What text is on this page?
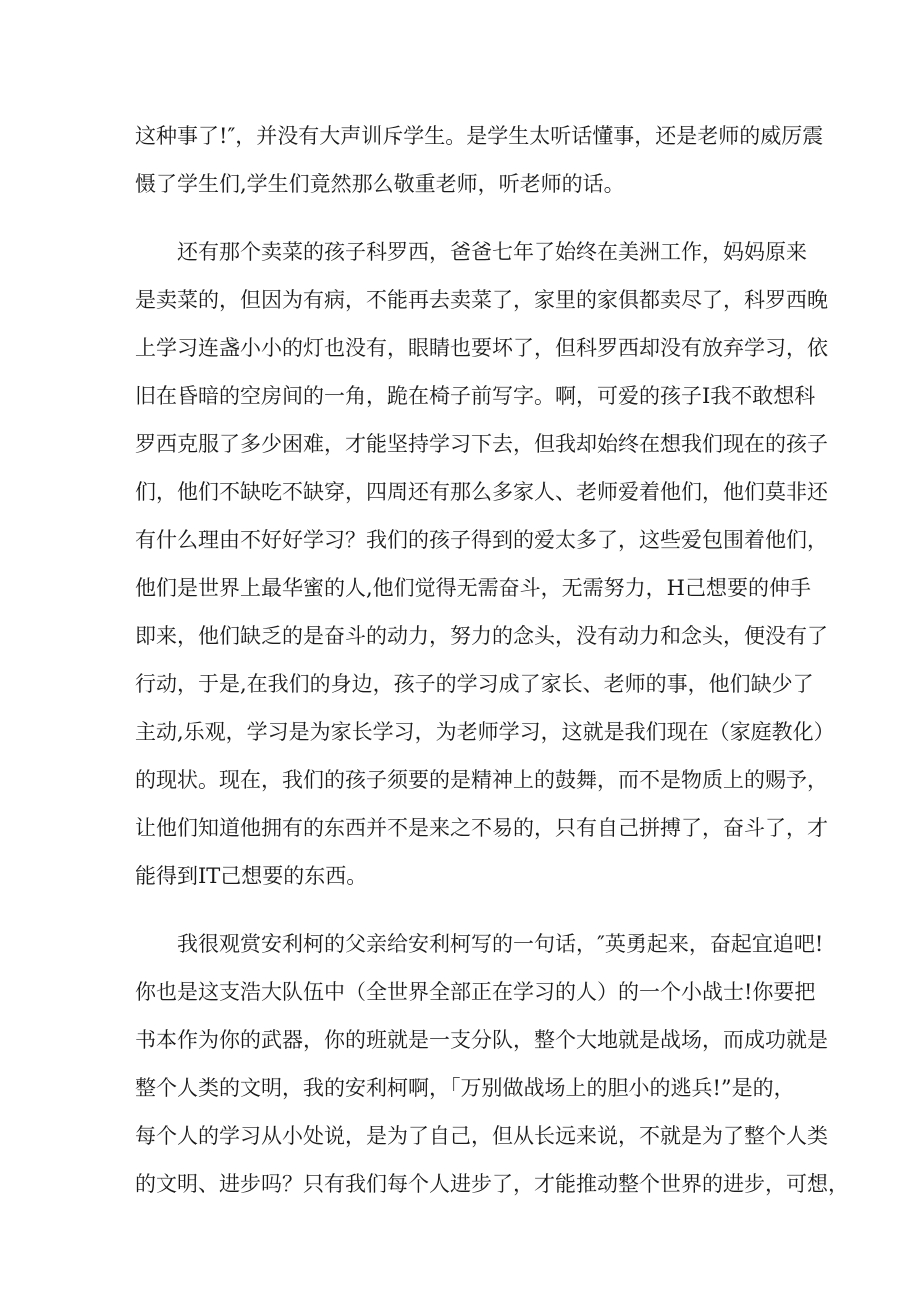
这种事了!″，并没有大声训斥学生。是学生太听话懂事，还是老师的威厉震
慑了学生们,学生们竟然那么敬重老师，听老师的话。
还有那个卖菜的孩子科罗西，爸爸七年了始终在美洲工作，妈妈原来
是卖菜的，但因为有病，不能再去卖菜了，家里的家俱都卖尽了，科罗西晚
上学习连盏小小的灯也没有，眼睛也要坏了，但科罗西却没有放弃学习，依
旧在昏暗的空房间的一角，跪在椅子前写字。啊，可爱的孩子I我不敢想科
罗西克服了多少困难，才能坚持学习下去，但我却始终在想我们现在的孩子
们，他们不缺吃不缺穿，四周还有那么多家人、老师爱着他们，他们莫非还
有什么理由不好好学习？我们的孩子得到的爱太多了，这些爱包围着他们，
他们是世界上最华蜜的人,他们觉得无需奋斗，无需努力，H己想要的伸手
即来，他们缺乏的是奋斗的动力，努力的念头，没有动力和念头，便没有了
行动，于是,在我们的身边，孩子的学习成了家长、老师的事，他们缺少了
主动,乐观，学习是为家长学习，为老师学习，这就是我们现在（家庭教化）
的现状。现在，我们的孩子须要的是精神上的鼓舞，而不是物质上的赐予，
让他们知道他拥有的东西并不是来之不易的，只有自己拼搏了，奋斗了，才
能得到IT己想要的东西。
我很观赏安利柯的父亲给安利柯写的一句话，″英勇起来，奋起宜追吧!
你也是这支浩大队伍中（全世界全部正在学习的人）的一个小战士!你要把
书本作为你的武器，你的班就是一支分队，整个大地就是战场，而成功就是
整个人类的文明，我的安利柯啊，「万别做战场上的胆小的逃兵!”是的，
每个人的学习从小处说，是为了自己，但从长远来说，不就是为了整个人类
的文明、进步吗？只有我们每个人进步了，才能推动整个世界的进步，可想，
